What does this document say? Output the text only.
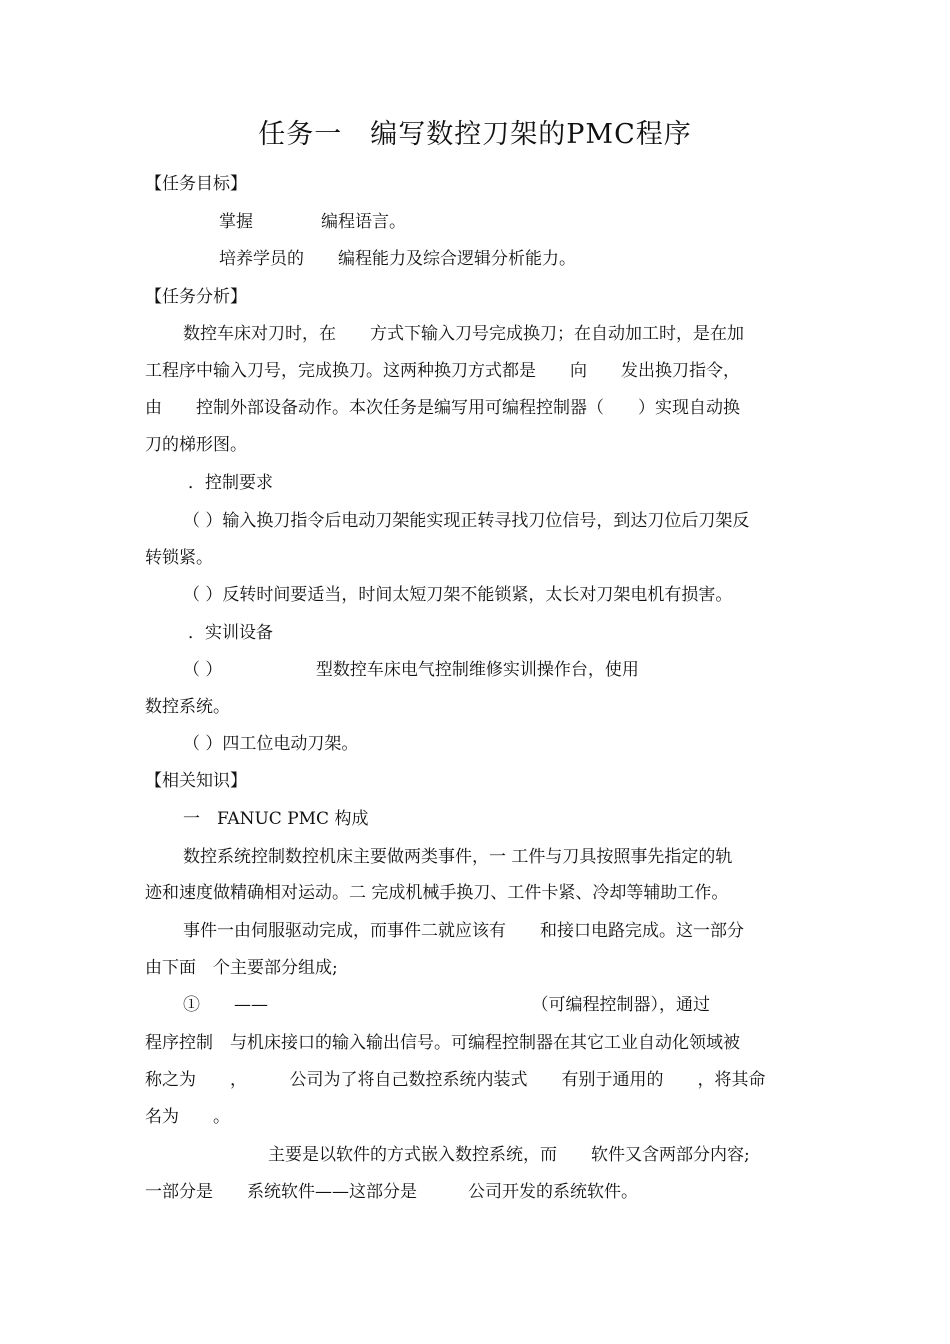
任务一　编写数控刀架的PMC程序
【任务目标】
　　掌握　　　　编程语言。
　　培养学员的　　编程能力及综合逻辑分析能力。
【任务分析】
数控车床对刀时，在　　方式下输入刀号完成换刀；在自动加工时，是在加
工程序中输入刀号，完成换刀。这两种换刀方式都是　　向　　发出换刀指令，
由　　控制外部设备动作。本次任务是编写用可编程控制器（　　）实现自动换
刀的梯形图。
．控制要求
（ ）输入换刀指令后电动刀架能实现正转寻找刀位信号，到达刀位后刀架反
转锁紧。
（ ）反转时间要适当，时间太短刀架不能锁紧，太长对刀架电机有损害。
．实训设备
（ ）　　　　　　型数控车床电气控制维修实训操作台，使用
数控系统。
（ ）四工位电动刀架。
【相关知识】
一　FANUC PMC 构成
数控系统控制数控机床主要做两类事件，一 工件与刀具按照事先指定的轨
迹和速度做精确相对运动。二 完成机械手换刀、工件卡紧、冷却等辅助工作。
事件一由伺服驱动完成，而事件二就应该有　　和接口电路完成。这一部分
由下面　个主要部分组成;
①　　——　　　　　　　　　　　　　　　　（可编程控制器），通过
程序控制　与机床接口的输入输出信号。可编程控制器在其它工业自动化领域被
称之为　　，　　　公司为了将自己数控系统内装式　　有别于通用的　　，将其命
名为　　。
主要是以软件的方式嵌入数控系统，而　　软件又含两部分内容;
一部分是　　系统软件——这部分是　　　公司开发的系统软件。
